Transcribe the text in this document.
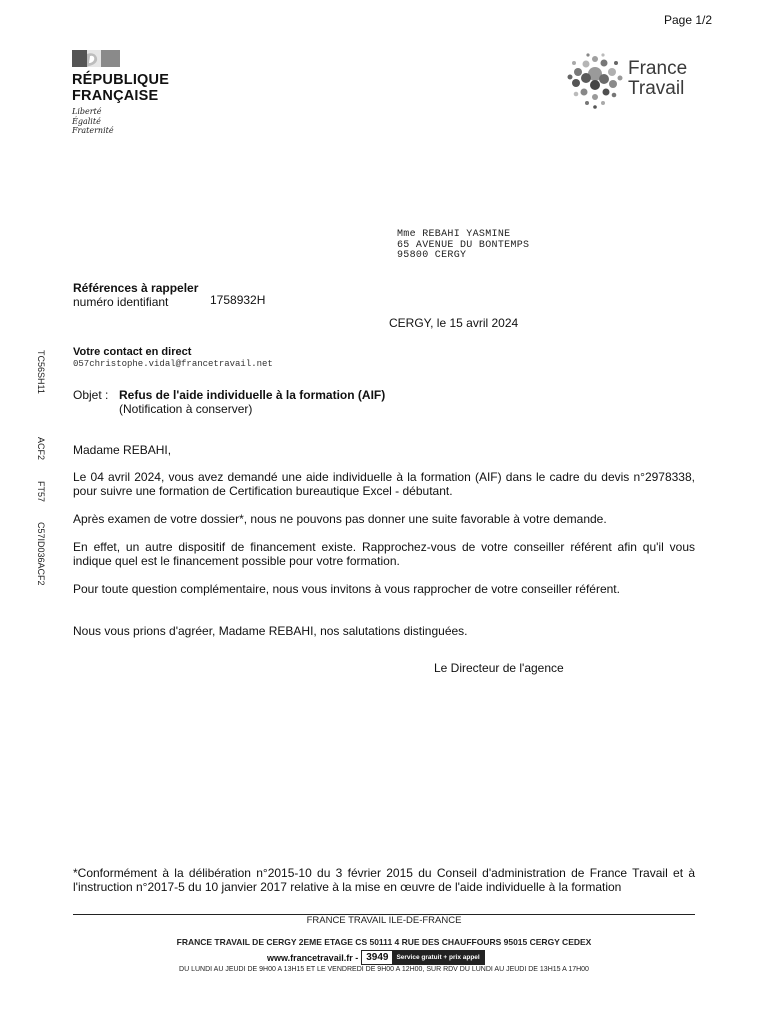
Page 1/2
RÉPUBLIQUE
FRANÇAISE
Liberté
Égalité
Fraternité
France
Travail
Mme REBAHI YASMINE
65 AVENUE DU BONTEMPS
95800 CERGY
Références à rappeler
numéro identifiant	1758932H
CERGY, le 15 avril 2024
Votre contact en direct
057christophe.vidal@francetravail.net
Objet : Refus de l'aide individuelle à la formation (AIF)
(Notification à conserver)
TC56SH11
ACF2
FT57
C57ID036ACF2

Madame REBAHI,

Le 04 avril 2024, vous avez demandé une aide individuelle à la formation (AIF) dans le cadre du devis n°2978338, pour suivre une formation de Certification bureautique Excel - débutant.

Après examen de votre dossier*, nous ne pouvons pas donner une suite favorable à votre demande.

En effet, un autre dispositif de financement existe. Rapprochez-vous de votre conseiller référent afin qu'il vous indique quel est le financement possible pour votre formation.

Pour toute question complémentaire, nous vous invitons à vous rapprocher de votre conseiller référent.

Nous vous prions d'agréer, Madame REBAHI, nos salutations distinguées.

Le Directeur de l'agence
*Conformément à la délibération n°2015-10 du 3 février 2015 du Conseil d'administration de France Travail et à l'instruction n°2017-5 du 10 janvier 2017 relative à la mise en œuvre de l'aide individuelle à la formation
FRANCE TRAVAIL ILE-DE-FRANCE
FRANCE TRAVAIL DE CERGY 2EME ETAGE CS 50111 4 RUE DES CHAUFFOURS 95015 CERGY CEDEX
www.francetravail.fr - 3949	Service gratuit + prix appel
DU LUNDI AU JEUDI DE 9H00 A 13H15 ET LE VENDREDI DE 9H00 A 12H00, SUR RDV DU LUNDI AU JEUDI DE 13H15 A 17H00
